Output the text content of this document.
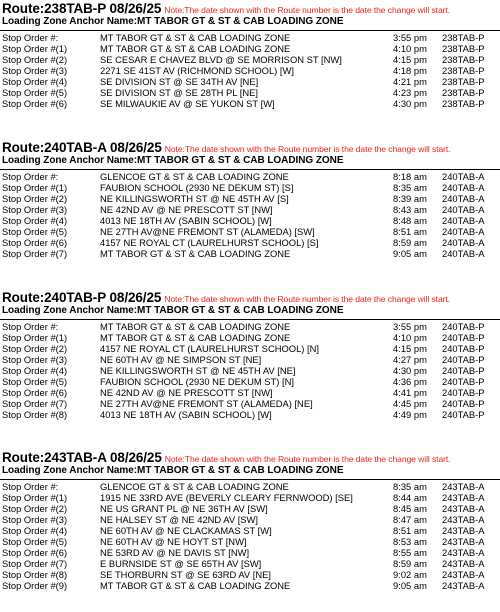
Route:238TAB-P 08/26/25 Note:The date shown with the Route number is the date the change will start.
Loading Zone Anchor Name:MT TABOR GT & ST & CAB LOADING ZONE
Stop Order #:	MT TABOR GT & ST & CAB LOADING ZONE	3:55 pm 238TAB-P
Stop Order #(1)	MT TABOR GT & ST & CAB LOADING ZONE	4:10 pm 238TAB-P
Stop Order #(2)	SE CESAR E CHAVEZ BLVD @ SE MORRISON ST [NW]	4:15 pm 238TAB-P
Stop Order #(3)	2271 SE 41ST AV (RICHMOND SCHOOL) [W]	4:18 pm 238TAB-P
Stop Order #(4)	SE DIVISION ST @ SE 34TH AV [NE]	4:21 pm 238TAB-P
Stop Order #(5)	SE DIVISION ST @ SE 28TH PL [NE]	4:23 pm 238TAB-P
Stop Order #(6)	SE MILWAUKIE AV @ SE YUKON ST [W]	4:30 pm 238TAB-P
Route:240TAB-A 08/26/25 Note:The date shown with the Route number is the date the change will start.
Loading Zone Anchor Name:MT TABOR GT & ST & CAB LOADING ZONE
Stop Order #:	GLENCOE GT & ST & CAB LOADING ZONE	8:18 am 240TAB-A
Stop Order #(1)	FAUBION SCHOOL (2930 NE DEKUM ST) [S]	8:35 am 240TAB-A
Stop Order #(2)	NE KILLINGSWORTH ST @ NE 45TH AV [S]	8:39 am 240TAB-A
Stop Order #(3)	NE 42ND AV @ NE PRESCOTT ST [NW]	8:43 am 240TAB-A
Stop Order #(4)	4013 NE 18TH AV (SABIN SCHOOL) [W]	8:48 am 240TAB-A
Stop Order #(5)	NE 27TH AV@NE FREMONT ST (ALAMEDA) [SW]	8:51 am 240TAB-A
Stop Order #(6)	4157 NE ROYAL CT (LAURELHURST SCHOOL) [S]	8:59 am 240TAB-A
Stop Order #(7)	MT TABOR GT & ST & CAB LOADING ZONE	9:05 am 240TAB-A
Route:240TAB-P 08/26/25 Note:The date shown with the Route number is the date the change will start.
Loading Zone Anchor Name:MT TABOR GT & ST & CAB LOADING ZONE
Stop Order #:	MT TABOR GT & ST & CAB LOADING ZONE	3:55 pm 240TAB-P
Stop Order #(1)	MT TABOR GT & ST & CAB LOADING ZONE	4:10 pm 240TAB-P
Stop Order #(2)	4157 NE ROYAL CT (LAURELHURST SCHOOL) [N]	4:15 pm 240TAB-P
Stop Order #(3)	NE 60TH AV @ NE SIMPSON ST [NE]	4:27 pm 240TAB-P
Stop Order #(4)	NE KILLINGSWORTH ST @ NE 45TH AV [NE]	4:30 pm 240TAB-P
Stop Order #(5)	FAUBION SCHOOL (2930 NE DEKUM ST) [N]	4:36 pm 240TAB-P
Stop Order #(6)	NE 42ND AV @ NE PRESCOTT ST [NW]	4:41 pm 240TAB-P
Stop Order #(7)	NE 27TH AV@NE FREMONT ST (ALAMEDA) [NE]	4:45 pm 240TAB-P
Stop Order #(8)	4013 NE 18TH AV (SABIN SCHOOL) [W]	4:49 pm 240TAB-P
Route:243TAB-A 08/26/25 Note:The date shown with the Route number is the date the change will start.
Loading Zone Anchor Name:MT TABOR GT & ST & CAB LOADING ZONE
Stop Order #:	GLENCOE GT & ST & CAB LOADING ZONE	8:35 am 243TAB-A
Stop Order #(1)	1915 NE 33RD AVE (BEVERLY CLEARY FERNWOOD) [SE]	8:44 am 243TAB-A
Stop Order #(2)	NE US GRANT PL @ NE 36TH AV [SW]	8:45 am 243TAB-A
Stop Order #(3)	NE HALSEY ST @ NE 42ND AV [SW]	8:47 am 243TAB-A
Stop Order #(4)	NE 60TH AV @ NE CLACKAMAS ST [W]	8:51 am 243TAB-A
Stop Order #(5)	NE 60TH AV @ NE HOYT ST [NW]	8:53 am 243TAB-A
Stop Order #(6)	NE 53RD AV @ NE DAVIS ST [NW]	8:55 am 243TAB-A
Stop Order #(7)	E BURNSIDE ST @ SE 65TH AV [SW]	8:59 am 243TAB-A
Stop Order #(8)	SE THORBURN ST @ SE 63RD AV [NE]	9:02 am 243TAB-A
Stop Order #(9)	MT TABOR GT & ST & CAB LOADING ZONE	9:05 am 243TAB-A
